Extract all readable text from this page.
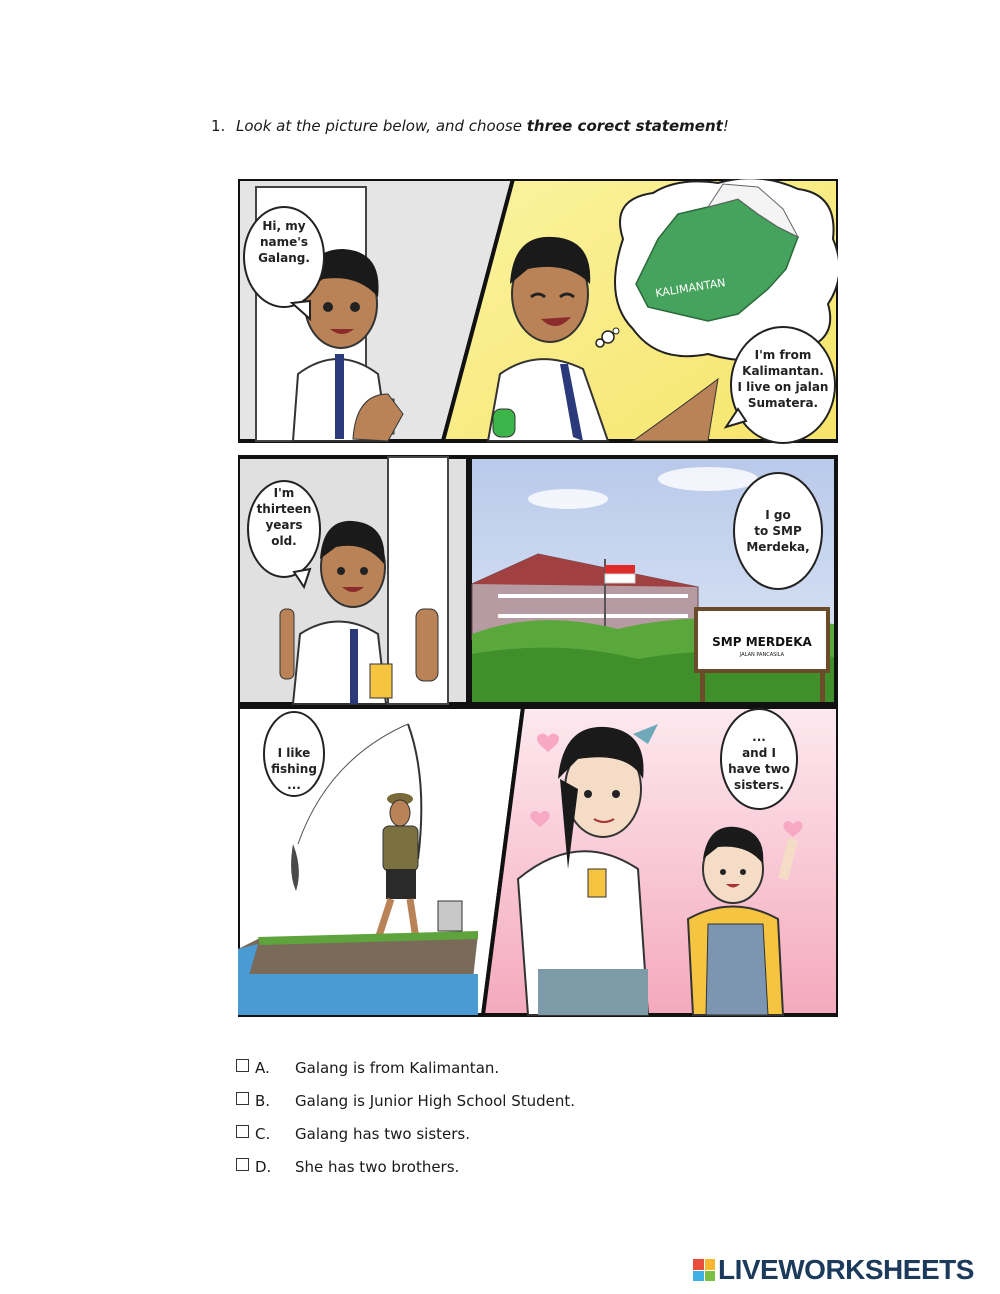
1. Look at the picture below, and choose three corect statement!
KALIMANTAN
SMP MERDEKA
JALAN PANCASILA
Hi, my
name's
Galang.
I'm from
Kalimantan.
I live on jalan
Sumatera.
I'm
thirteen
years
old.
I go
to SMP
Merdeka,
I like
fishing
...
...
and I
have two
sisters.
A. Galang is from Kalimantan.
B. Galang is Junior High School Student.
C. Galang has two sisters.
D. She has two brothers.
LIVEWORKSHEETS
